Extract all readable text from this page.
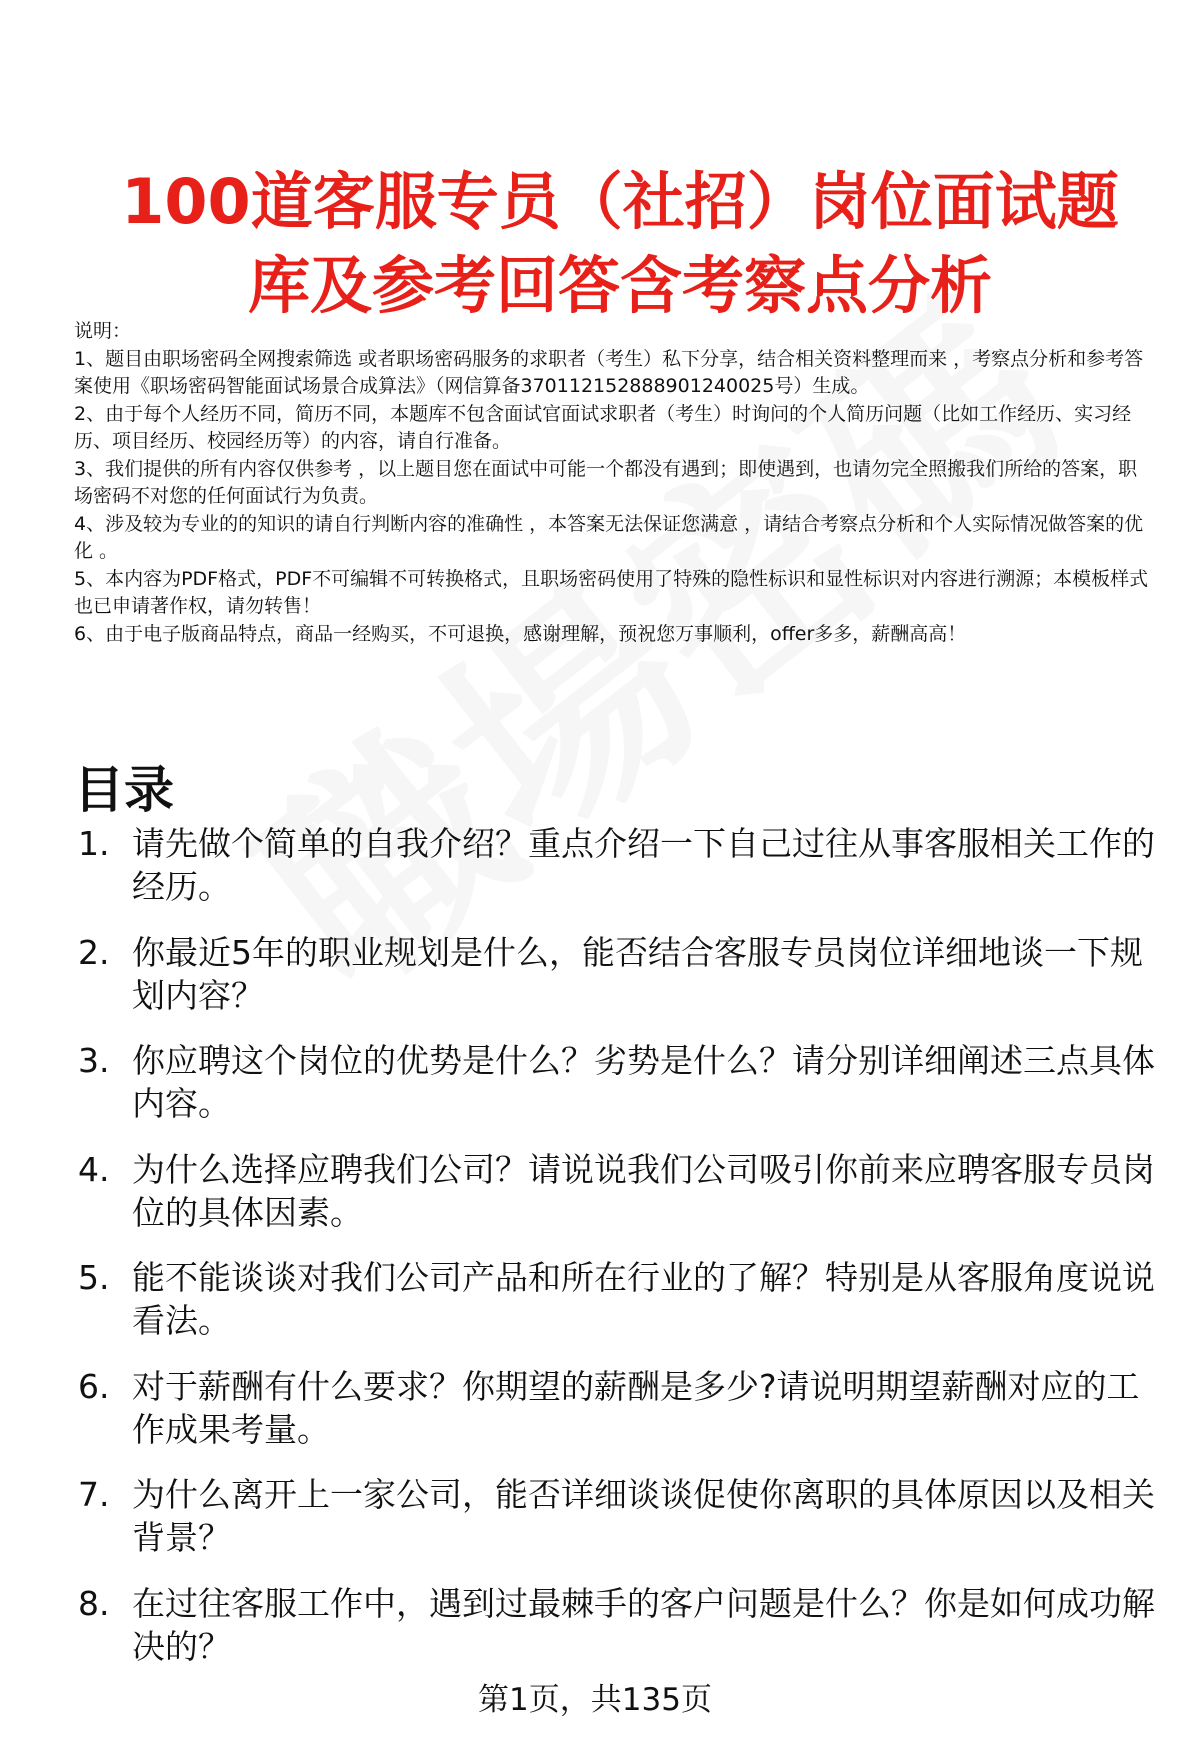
100道客服专员（社招）岗位面试题
库及参考回答含考察点分析

说明：

1、题目由职场密码全网搜索筛选 或者职场密码服务的求职者（考生）私下分享，结合相关资料整理而来 ，考察点分析和参考答案使用《职场密码智能面试场景合成算法》（网信算备370112152888901240025号）生成。

2、由于每个人经历不同，简历不同，本题库不包含面试官面试求职者（考生）时询问的个人简历问题（比如工作经历、实习经历、项目经历、校园经历等）的内容，请自行准备。

3、我们提供的所有内容仅供参考 ，以上题目您在面试中可能一个都没有遇到；即使遇到，也请勿完全照搬我们所给的答案，职场密码不对您的任何面试行为负责。

4、涉及较为专业的的知识的请自行判断内容的准确性 ，本答案无法保证您满意 ，请结合考察点分析和个人实际情况做答案的优化 。

5、本内容为PDF格式，PDF不可编辑不可转换格式，且职场密码使用了特殊的隐性标识和显性标识对内容进行溯源；本模板样式也已申请著作权，请勿转售！

6、由于电子版商品特点，商品一经购买，不可退换，感谢理解，预祝您万事顺利，offer多多，薪酬高高！

目录
1. 请先做个简单的自我介绍？重点介绍一下自己过往从事客服相关工作的经历。
2. 你最近5年的职业规划是什么，能否结合客服专员岗位详细地谈一下规划内容？
3. 你应聘这个岗位的优势是什么？劣势是什么？请分别详细阐述三点具体内容。
4. 为什么选择应聘我们公司？请说说我们公司吸引你前来应聘客服专员岗位的具体因素。
5. 能不能谈谈对我们公司产品和所在行业的了解？特别是从客服角度说说看法。
6. 对于薪酬有什么要求？你期望的薪酬是多少?请说明期望薪酬对应的工作成果考量。
7. 为什么离开上一家公司，能否详细谈谈促使你离职的具体原因以及相关背景？
8. 在过往客服工作中，遇到过最棘手的客户问题是什么？你是如何成功解决的？
第1页，共135页
